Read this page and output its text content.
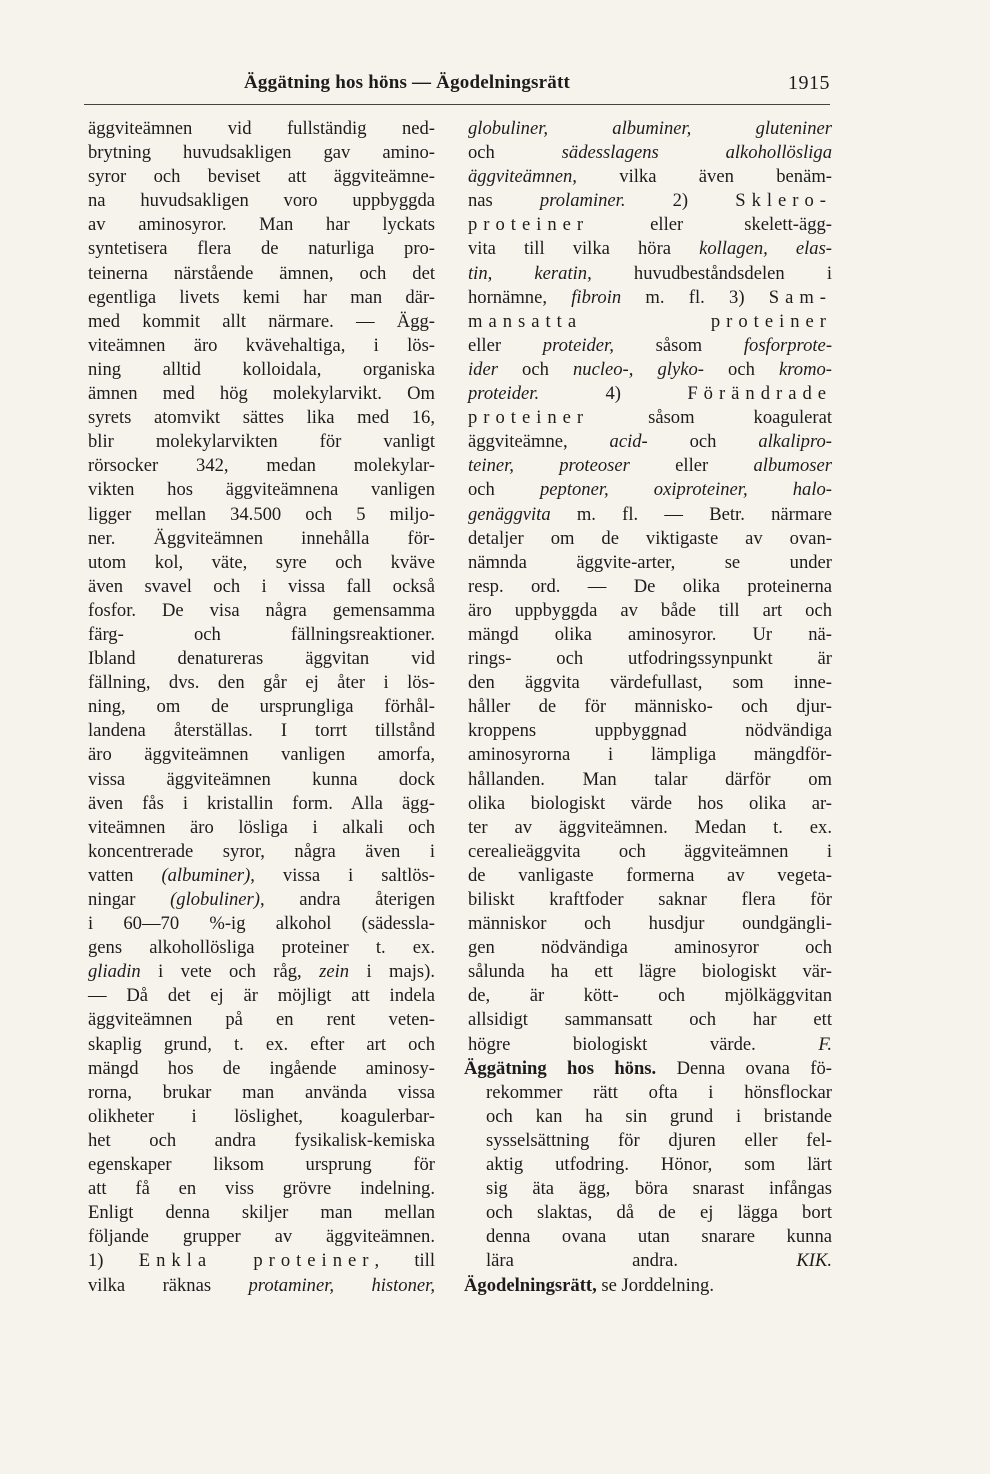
Äggätning hos höns — Ägodelningsrätt	1915
äggviteämnen vid fullständig ned-
brytning huvudsakligen gav amino-
syror och beviset att äggviteämne-
na huvudsakligen voro uppbyggda
av aminosyror. Man har lyckats
syntetisera flera de naturliga pro-
teinerna närstående ämnen, och det
egentliga livets kemi har man där-
med kommit allt närmare. — Ägg-
viteämnen äro kvävehaltiga, i lös-
ning alltid kolloidala, organiska
ämnen med hög molekylarvikt. Om
syrets atomvikt sättes lika med 16,
blir molekylarvikten för vanligt
rörsocker 342, medan molekylar-
vikten hos äggviteämnena vanligen
ligger mellan 34.500 och 5 miljo-
ner. Äggviteämnen innehålla för-
utom kol, väte, syre och kväve
även svavel och i vissa fall också
fosfor. De visa några gemensamma
färg- och fällningsreaktioner.
Ibland denatureras äggvitan vid
fällning, dvs. den går ej åter i lös-
ning, om de ursprungliga förhål-
landena återställas. I torrt tillstånd
äro äggviteämnen vanligen amorfa,
vissa äggviteämnen kunna dock
även fås i kristallin form. Alla ägg-
viteämnen äro lösliga i alkali och
koncentrerade syror, några även i
vatten (albuminer), vissa i saltlös-
ningar (globuliner), andra återigen
i 60—70 %-ig alkohol (sädessla-
gens alkohollösliga proteiner t. ex.
gliadin i vete och råg, zein i majs).
— Då det ej är möjligt att indela
äggviteämnen på en rent veten-
skaplig grund, t. ex. efter art och
mängd hos de ingående aminosy-
rorna, brukar man använda vissa
olikheter i löslighet, koagulerbar-
het och andra fysikalisk-kemiska
egenskaper liksom ursprung för
att få en viss grövre indelning.
Enligt denna skiljer man mellan
följande grupper av äggviteämnen.
1) Enkla proteiner, till
vilka räknas protaminer, histoner,
globuliner, albuminer, gluteniner
och sädesslagens alkohollösliga
äggviteämnen, vilka även benäm-
nas prolaminer. 2) Sklero-
proteiner eller skelett-ägg-
vita till vilka höra kollagen, elas-
tin, keratin, huvudbeståndsdelen i
hornämne, fibroin m. fl. 3) Sam-
mansatta proteiner
eller proteider, såsom fosforprote-
ider och nucleo-, glyko- och kromo-
proteider. 4) Förändrade
proteiner såsom koagulerat
äggviteämne, acid- och alkalipro-
teiner, proteoser eller albumoser
och peptoner, oxiproteiner, halo-
genäggvita m. fl. — Betr. närmare
detaljer om de viktigaste av ovan-
nämnda äggvite-arter, se under
resp. ord. — De olika proteinerna
äro uppbyggda av både till art och
mängd olika aminosyror. Ur nä-
rings- och utfodringssynpunkt är
den äggvita värdefullast, som inne-
håller de för människo- och djur-
kroppens uppbyggnad nödvändiga
aminosyrorna i lämpliga mängdför-
hållanden. Man talar därför om
olika biologiskt värde hos olika ar-
ter av äggviteämnen. Medan t. ex.
cerealieäggvita och äggviteämnen i
de vanligaste formerna av vegeta-
biliskt kraftfoder saknar flera för
människor och husdjur oundgängli-
gen nödvändiga aminosyror och
sålunda ha ett lägre biologiskt vär-
de, är kött- och mjölkäggvitan
allsidigt sammansatt och har ett
högre biologiskt värde. F.
Äggätning hos höns. Denna ovana fö-
rekommer rätt ofta i hönsflockar
och kan ha sin grund i bristande
sysselsättning för djuren eller fel-
aktig utfodring. Hönor, som lärt
sig äta ägg, böra snarast infångas
och slaktas, då de ej lägga bort
denna ovana utan snarare kunna
lära andra. KIK.
Ägodelningsrätt, se Jorddelning.
